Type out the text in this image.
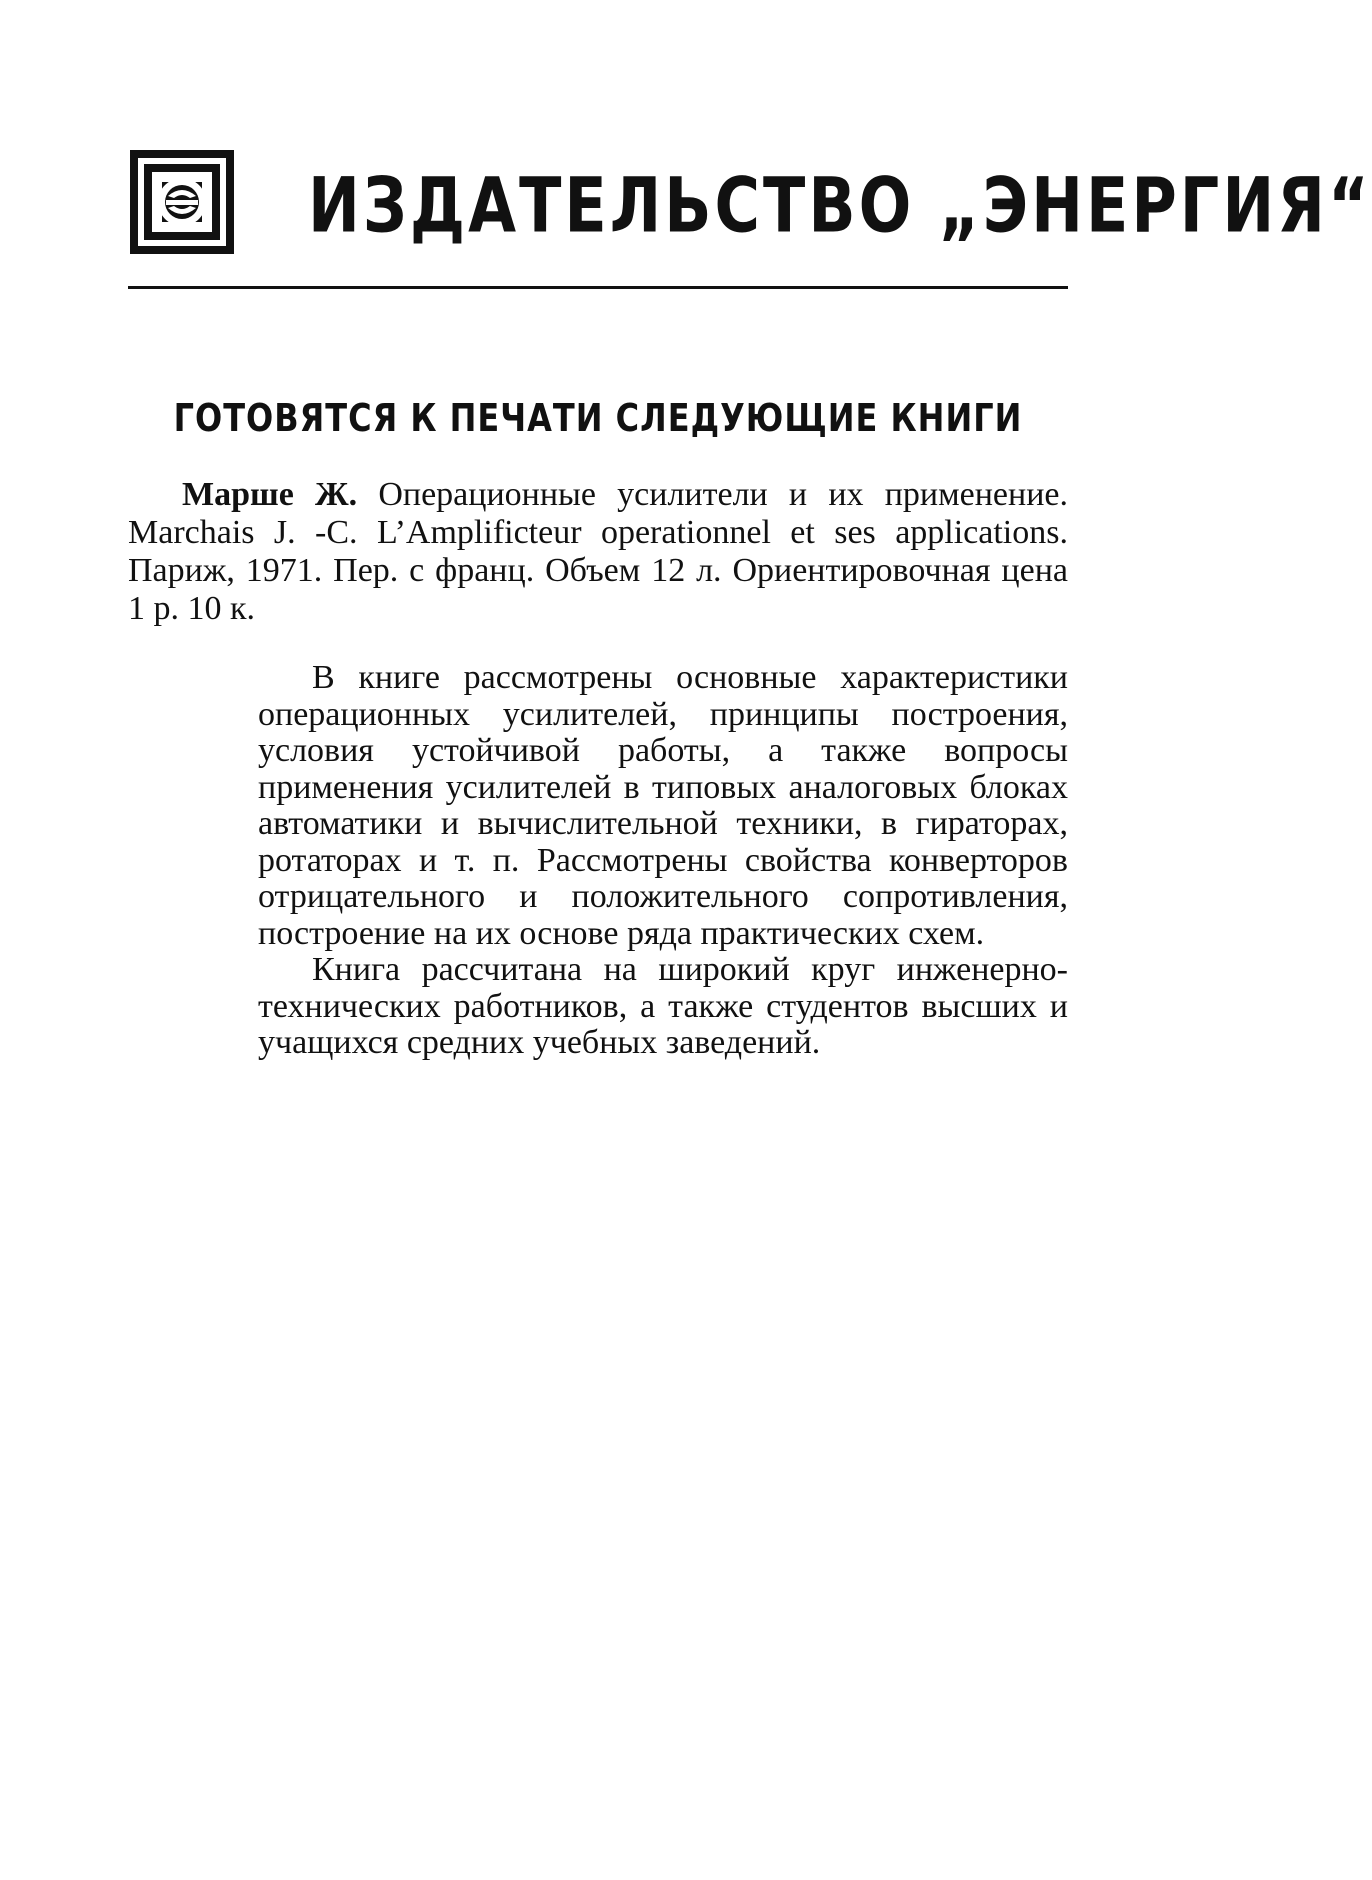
ИЗДАТЕЛЬСТВО „ЭНЕРГИЯ“
ГОТОВЯТСЯ К ПЕЧАТИ СЛЕДУЮЩИЕ КНИГИ

Марше Ж. Операционные усилители и их применение. Marchais J. -C. L’Amplificteur operationnel et ses applications. Париж, 1971. Пер. с франц. Объем 12 л. Ориентировочная цена 1 р. 10 к.

В книге рассмотрены основные характеристики операционных усилителей, принципы построения, условия устойчивой работы, а также вопросы применения усилителей в типовых аналоговых блоках автоматики и вычислительной техники, в гираторах, ротаторах и т. п. Рассмотрены свойства конверторов отрицательного и положительного сопротивления, построение на их основе ряда практических схем.

Книга рассчитана на широкий круг инженерно-технических работников, а также студентов высших и учащихся средних учебных заведений.
